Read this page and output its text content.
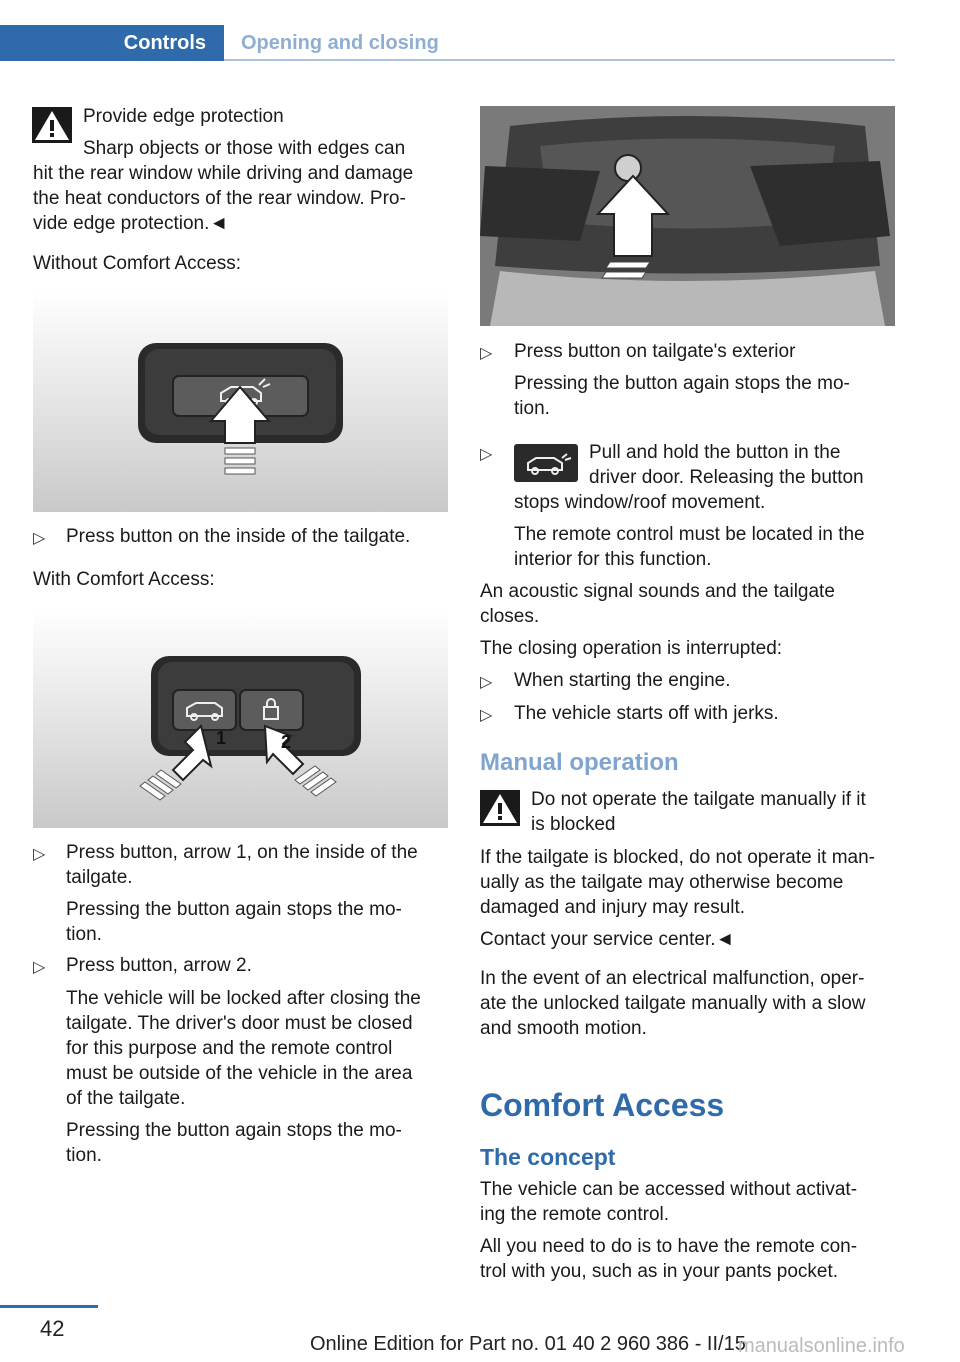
Controls	Opening and closing

Provide edge protection

Sharp objects or those with edges can

hit the rear window while driving and damage

the heat conductors of the rear window. Pro-

vide edge protection.◄

Without Comfort Access:

▷	Press button on the inside of the tailgate.

With Comfort Access:

1	2
▷	Press button, arrow 1, on the inside of the

tailgate.

Pressing the button again stops the mo-

tion.

▷	Press button, arrow 2.

The vehicle will be locked after closing the

tailgate. The driver's door must be closed

for this purpose and the remote control

must be outside of the vehicle in the area

of the tailgate.

Pressing the button again stops the mo-

tion.

▷	Press button on tailgate's exterior

Pressing the button again stops the mo-

tion.

▷	Pull and hold the button in the

driver door. Releasing the button

stops window/roof movement.

The remote control must be located in the

interior for this function.

An acoustic signal sounds and the tailgate

closes.

The closing operation is interrupted:

▷	When starting the engine.

▷	The vehicle starts off with jerks.

Manual operation

Do not operate the tailgate manually if it

is blocked

If the tailgate is blocked, do not operate it man-

ually as the tailgate may otherwise become

damaged and injury may result.

Contact your service center.◄

In the event of an electrical malfunction, oper-

ate the unlocked tailgate manually with a slow

and smooth motion.

Comfort Access
The concept

The vehicle can be accessed without activat-

ing the remote control.

All you need to do is to have the remote con-

trol with you, such as in your pants pocket.

42
Online Edition for Part no. 01 40 2 960 386 - II/15
manualsonline.info
